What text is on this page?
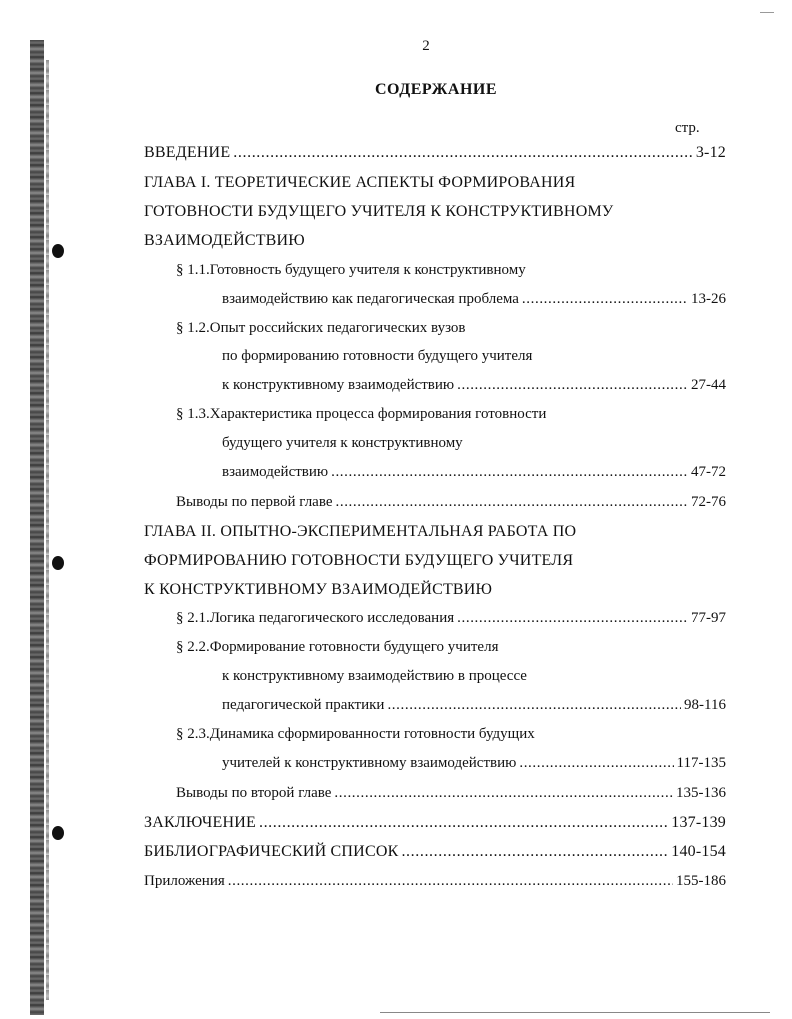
2
СОДЕРЖАНИЕ
стр.
ВВЕДЕНИЕ .....	3-12
ГЛАВА I. ТЕОРЕТИЧЕСКИЕ АСПЕКТЫ ФОРМИРОВАНИЯ
ГОТОВНОСТИ БУДУЩЕГО УЧИТЕЛЯ К КОНСТРУКТИВНОМУ
ВЗАИМОДЕЙСТВИЮ
§ 1.1. Готовность будущего учителя к конструктивному
взаимодействию как педагогическая проблема .....	13-26
§ 1.2. Опыт российских педагогических вузов
по формированию готовности будущего учителя
к конструктивному взаимодействию .....	27-44
§ 1.3. Характеристика процесса формирования готовности
будущего учителя к конструктивному
взаимодействию .....	47-72
Выводы по первой главе .....	72-76
ГЛАВА II. ОПЫТНО-ЭКСПЕРИМЕНТАЛЬНАЯ РАБОТА ПО
ФОРМИРОВАНИЮ ГОТОВНОСТИ БУДУЩЕГО УЧИТЕЛЯ
К КОНСТРУКТИВНОМУ ВЗАИМОДЕЙСТВИЮ
§ 2.1. Логика педагогического исследования .....	77-97
§ 2.2. Формирование готовности будущего учителя
к конструктивному взаимодействию в процессе
педагогической практики .....	98-116
§ 2.3. Динамика сформированности готовности будущих
учителей к конструктивному взаимодействию .....	117-135
Выводы по второй главе .....	135-136
ЗАКЛЮЧЕНИЕ .....	137-139
БИБЛИОГРАФИЧЕСКИЙ СПИСОК .....	140-154
Приложения .....	155-186
